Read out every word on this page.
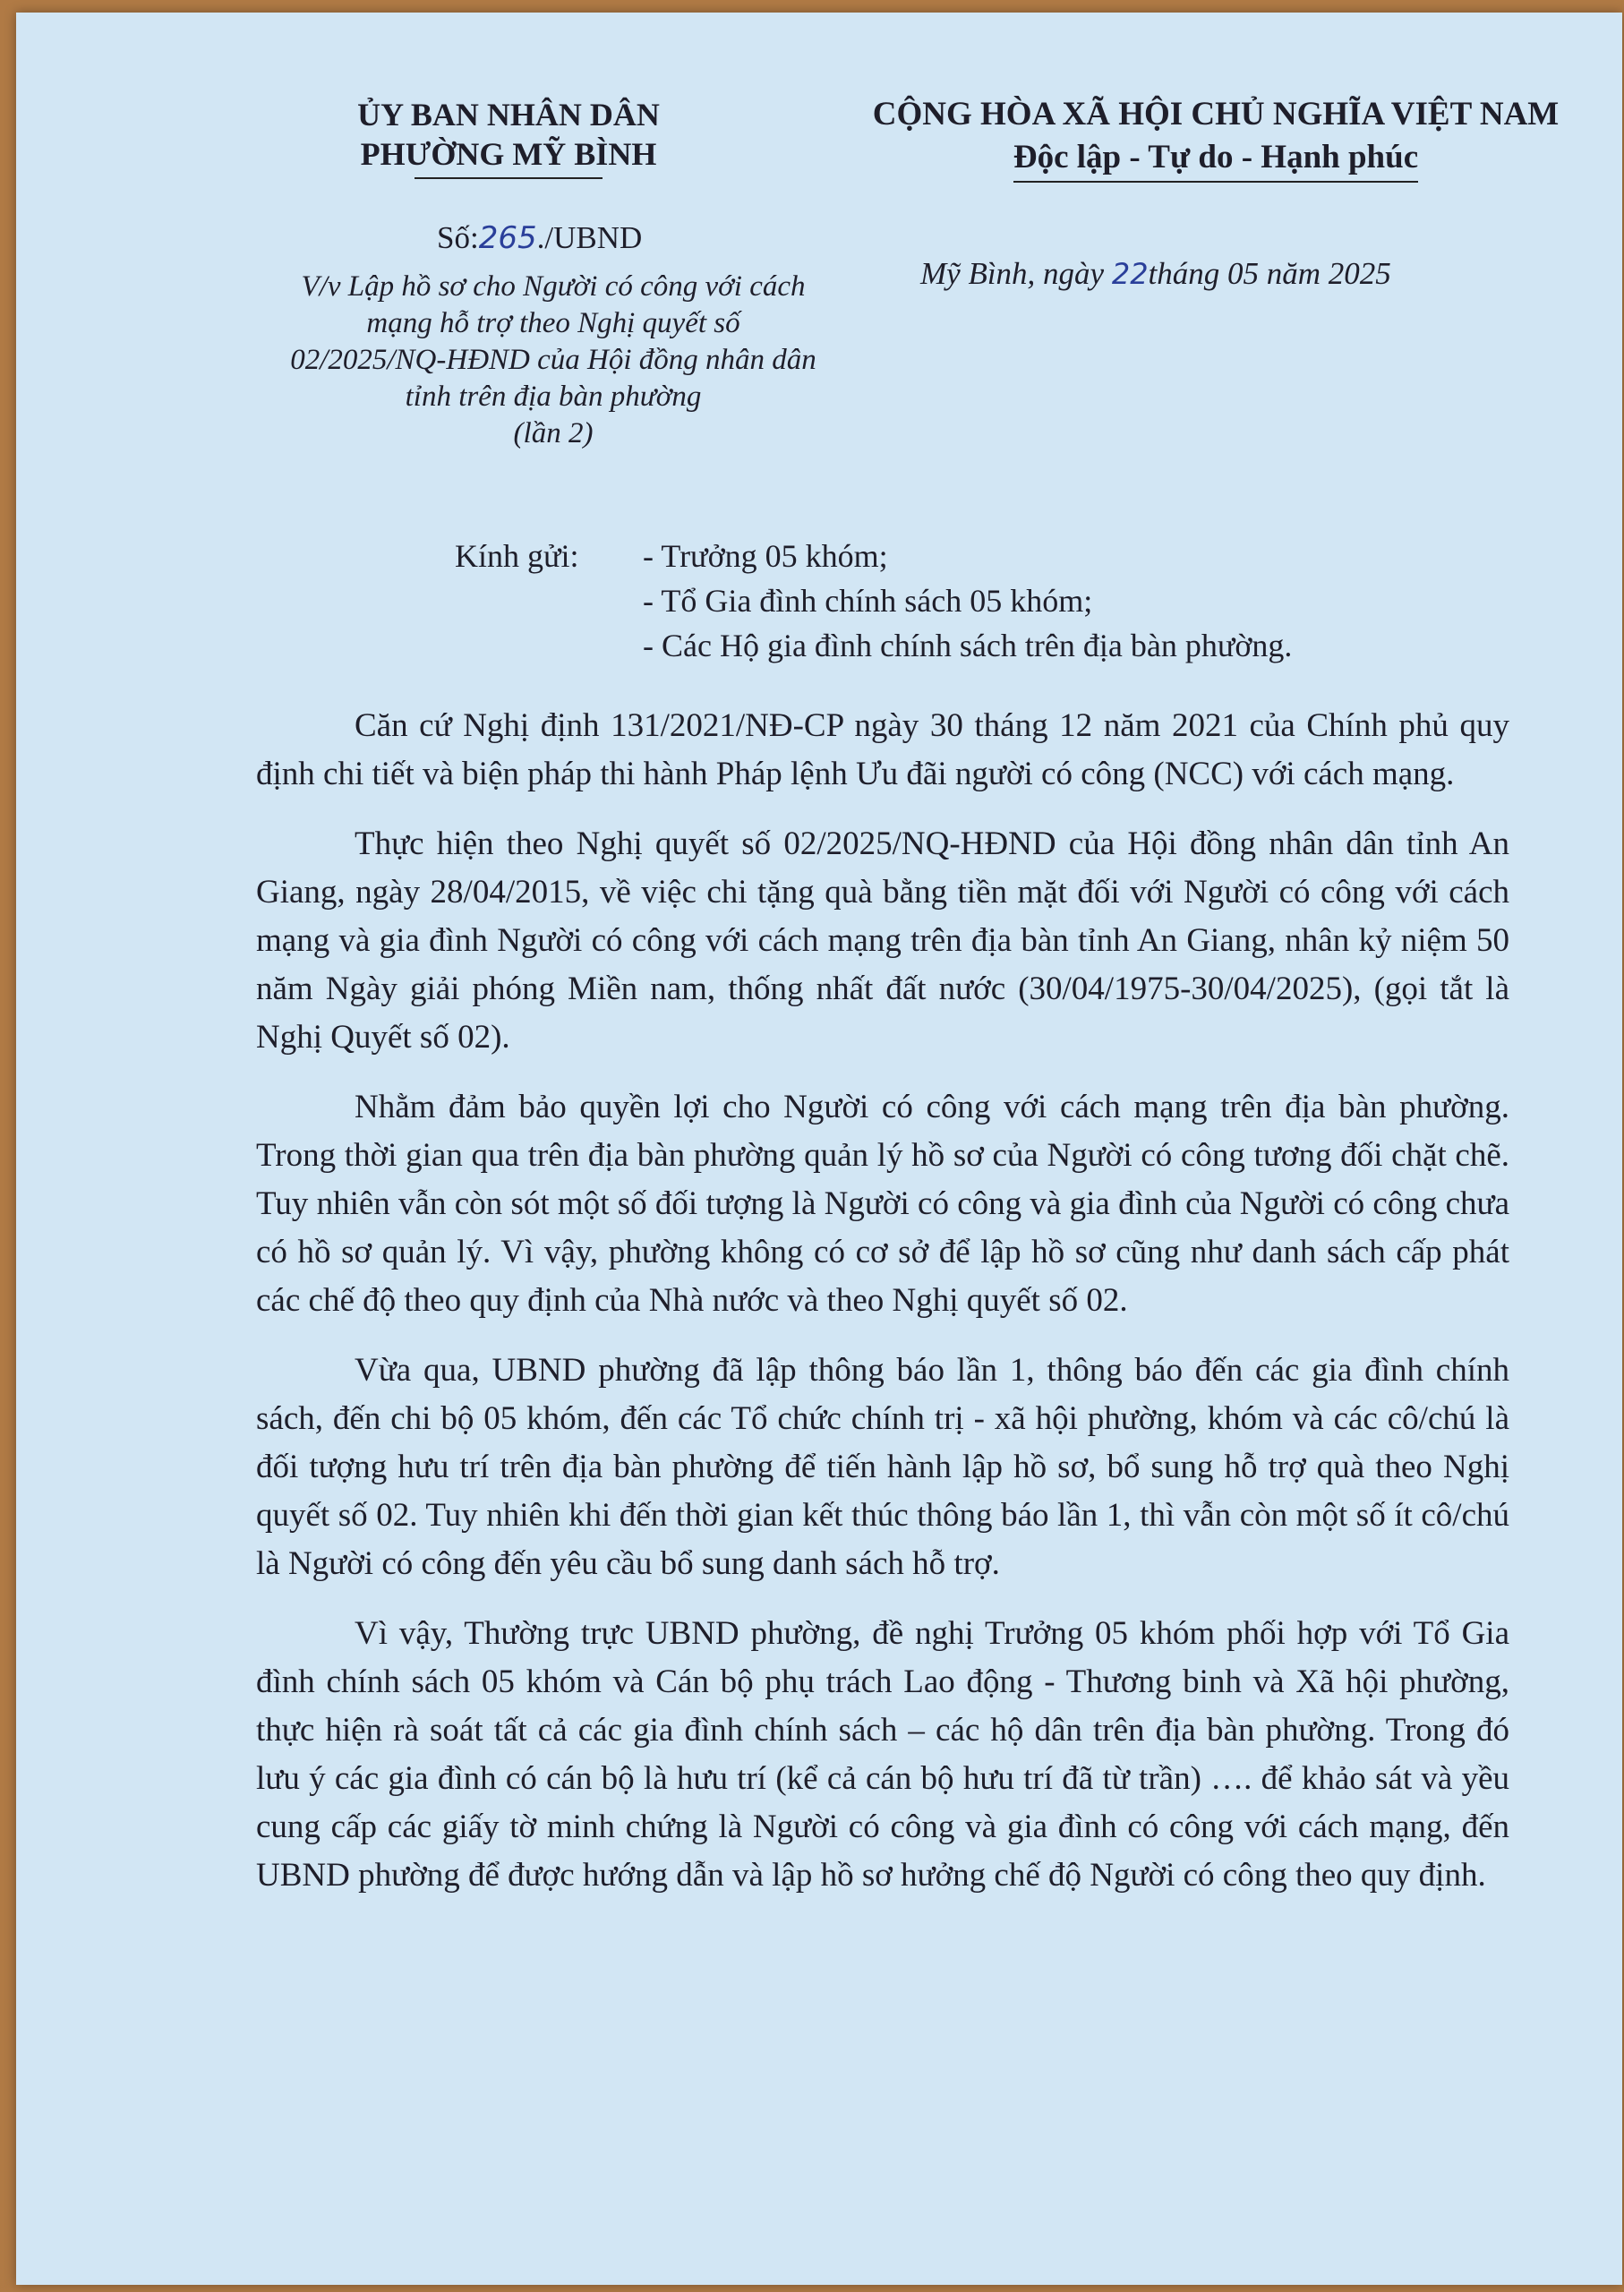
ỦY BAN NHÂN DÂN
PHƯỜNG MỸ BÌNH
CỘNG HÒA XÃ HỘI CHỦ NGHĨA VIỆT NAM
Độc lập - Tự do - Hạnh phúc
Số:265./UBND
V/v Lập hồ sơ cho Người có công với cách
mạng hỗ trợ theo Nghị quyết số
02/2025/NQ-HĐND của Hội đồng nhân dân
tỉnh trên địa bàn phường
(lần 2)
Mỹ Bình, ngày 22tháng 05 năm 2025
Kính gửi: - Trưởng 05 khóm;
- Tổ Gia đình chính sách 05 khóm;
- Các Hộ gia đình chính sách trên địa bàn phường.

Căn cứ Nghị định 131/2021/NĐ-CP ngày 30 tháng 12 năm 2021 của Chính phủ quy định chi tiết và biện pháp thi hành Pháp lệnh Ưu đãi người có công (NCC) với cách mạng.

Thực hiện theo Nghị quyết số 02/2025/NQ-HĐND của Hội đồng nhân dân tỉnh An Giang, ngày 28/04/2015, về việc chi tặng quà bằng tiền mặt đối với Người có công với cách mạng và gia đình Người có công với cách mạng trên địa bàn tỉnh An Giang, nhân kỷ niệm 50 năm Ngày giải phóng Miền nam, thống nhất đất nước (30/04/1975-30/04/2025), (gọi tắt là Nghị Quyết số 02).

Nhằm đảm bảo quyền lợi cho Người có công với cách mạng trên địa bàn phường. Trong thời gian qua trên địa bàn phường quản lý hồ sơ của Người có công tương đối chặt chẽ. Tuy nhiên vẫn còn sót một số đối tượng là Người có công và gia đình của Người có công chưa có hồ sơ quản lý. Vì vậy, phường không có cơ sở để lập hồ sơ cũng như danh sách cấp phát các chế độ theo quy định của Nhà nước và theo Nghị quyết số 02.

Vừa qua, UBND phường đã lập thông báo lần 1, thông báo đến các gia đình chính sách, đến chi bộ 05 khóm, đến các Tổ chức chính trị - xã hội phường, khóm và các cô/chú là đối tượng hưu trí trên địa bàn phường để tiến hành lập hồ sơ, bổ sung hỗ trợ quà theo Nghị quyết số 02. Tuy nhiên khi đến thời gian kết thúc thông báo lần 1, thì vẫn còn một số ít cô/chú là Người có công đến yêu cầu bổ sung danh sách hỗ trợ.

Vì vậy, Thường trực UBND phường, đề nghị Trưởng 05 khóm phối hợp với Tổ Gia đình chính sách 05 khóm và Cán bộ phụ trách Lao động - Thương binh và Xã hội phường, thực hiện rà soát tất cả các gia đình chính sách – các hộ dân trên địa bàn phường. Trong đó lưu ý các gia đình có cán bộ là hưu trí (kể cả cán bộ hưu trí đã từ trần) …. để khảo sát và yều cung cấp các giấy tờ minh chứng là Người có công và gia đình có công với cách mạng, đến UBND phường để được hướng dẫn và lập hồ sơ hưởng chế độ Người có công theo quy định.
